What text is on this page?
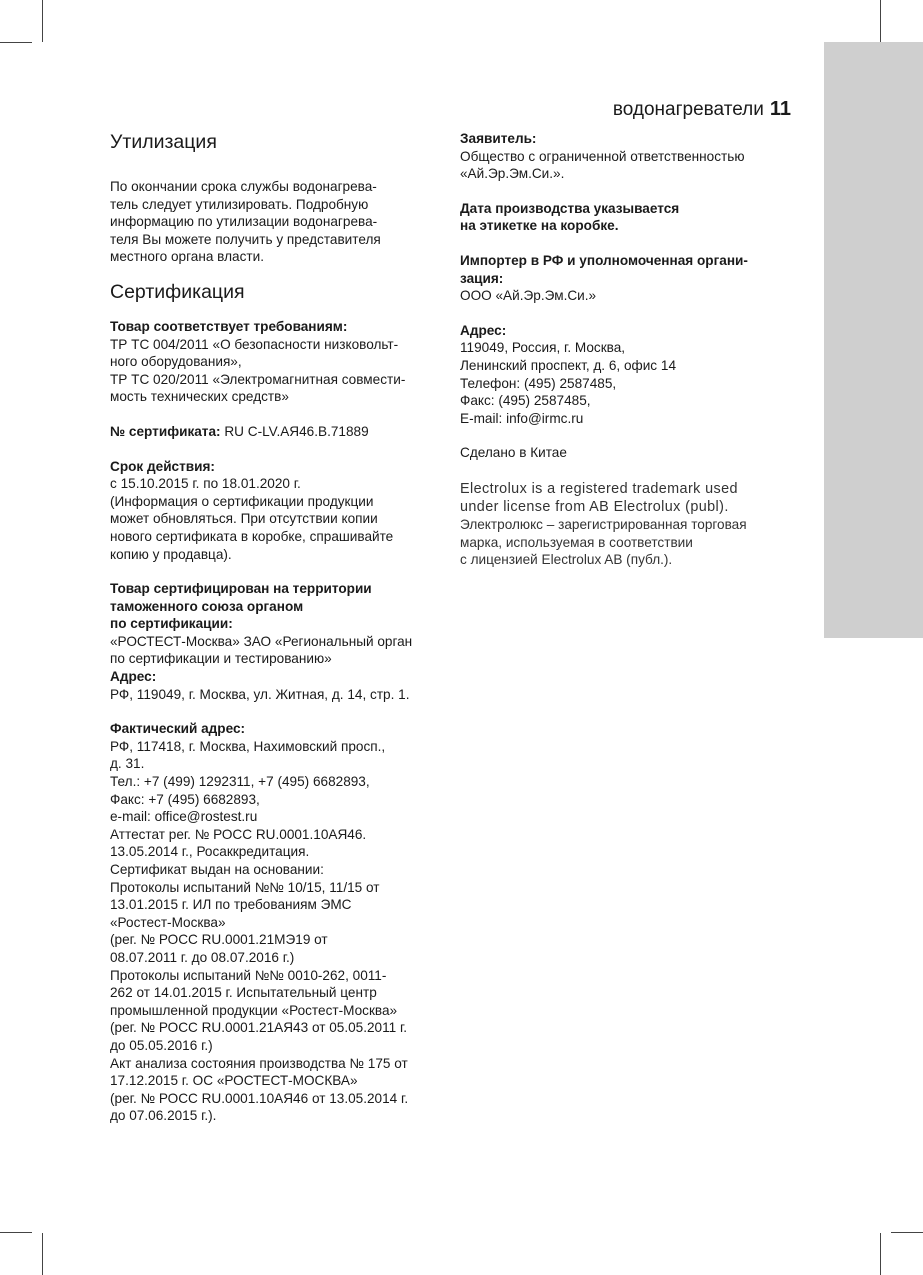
водонагреватели 11
Утилизация
По окончании срока службы водонагрева-
тель следует утилизировать. Подробную
информацию по утилизации водонагрева-
теля Вы можете получить у представителя
местного органа власти.
Сертификация
Товар соответствует требованиям:
ТР ТС 004/2011 «О безопасности низковольт-
ного оборудования»,
ТР ТС 020/2011 «Электромагнитная совмести-
мость технических средств»
№ сертификата: RU C-LV.АЯ46.B.71889
Срок действия:
с 15.10.2015 г. по 18.01.2020 г.
(Информация о сертификации продукции
может обновляться. При отсутствии копии
нового сертификата в коробке, спрашивайте
копию у продавца).
Товар сертифицирован на территории
таможенного союза органом
по сертификации:
«РОСТЕСТ-Москва» ЗАО «Региональный орган
по сертификации и тестированию»
Адрес:
РФ, 119049, г. Москва, ул. Житная, д. 14, стр. 1.
Фактический адрес:
РФ, 117418, г. Москва, Нахимовский просп.,
д. 31.
Тел.: +7 (499) 1292311, +7 (495) 6682893,
Факс: +7 (495) 6682893,
e-mail: office@rostest.ru
Аттестат рег. № РОСС RU.0001.10АЯ46.
13.05.2014 г., Росаккредитация.
Сертификат выдан на основании:
Протоколы испытаний №№ 10/15, 11/15 от
13.01.2015 г. ИЛ по требованиям ЭМС
«Ростест-Москва»
(рег. № РОСС RU.0001.21МЭ19 от
08.07.2011 г. до 08.07.2016 г.)
Протоколы испытаний №№ 0010-262, 0011-
262 от 14.01.2015 г. Испытательный центр
промышленной продукции «Ростест-Москва»
(рег. № РОСС RU.0001.21АЯ43 от 05.05.2011 г.
до 05.05.2016 г.)
Акт анализа состояния производства № 175 от
17.12.2015 г. ОС «РОСТЕСТ-МОСКВА»
(рег. № РОСС RU.0001.10АЯ46 от 13.05.2014 г.
до 07.06.2015 г.).
Заявитель:
Общество с ограниченной ответственностью
«Ай.Эр.Эм.Си.».
Дата производства указывается
на этикетке на коробке.
Импортер в РФ и уполномоченная органи-
зация:
ООО «Ай.Эр.Эм.Си.»
Адрес:
119049, Россия, г. Москва,
Ленинский проспект, д. 6, офис 14
Телефон: (495) 2587485,
Факс: (495) 2587485,
E-mail: info@irmc.ru

Сделано в Китае

Electrolux is a registered trademark used
under license from AB Electrolux (publ).
Электролюкс – зарегистрированная торговая
марка, используемая в соответствии
с лицензией Electrolux AB (публ.).
